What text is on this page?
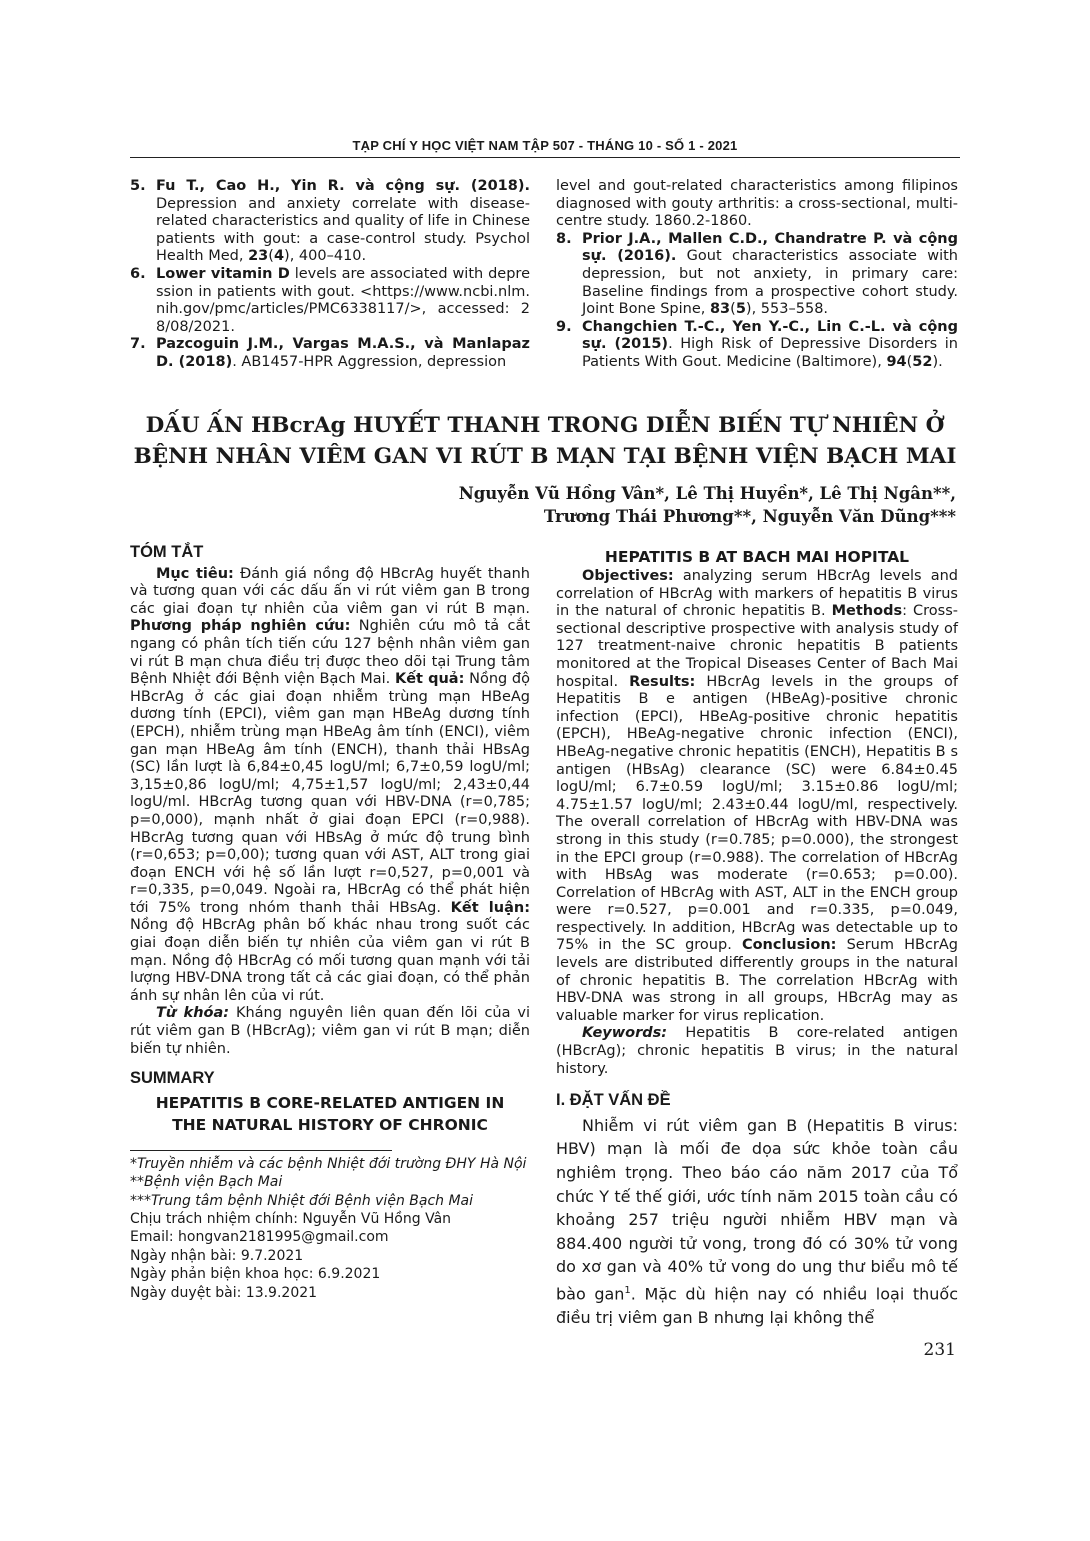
TẠP CHÍ Y HỌC VIỆT NAM TẬP 507 - THÁNG 10 - SỐ 1 - 2021
5. Fu T., Cao H., Yin R. và cộng sự. (2018). Depression and anxiety correlate with disease-related characteristics and quality of life in Chinese patients with gout: a case-control study. Psychol Health Med, 23(4), 400–410.
6. Lower vitamin D levels are associated with depression in patients with gout. <https://www.ncbi.nlm.nih.gov/pmc/articles/PMC6338117/>, accessed: 28/08/2021.
7. Pazcoguin J.M., Vargas M.A.S., và Manlapaz D. (2018). AB1457-HPR Aggression, depression

level and gout-related characteristics among filipinos diagnosed with gouty arthritis: a cross-sectional, multi-centre study. 1860.2-1860.

8. Prior J.A., Mallen C.D., Chandratre P. và cộng sự. (2016). Gout characteristics associate with depression, but not anxiety, in primary care: Baseline findings from a prospective cohort study. Joint Bone Spine, 83(5), 553–558.
9. Changchien T.-C., Yen Y.-C., Lin C.-L. và cộng sự. (2015). High Risk of Depressive Disorders in Patients With Gout. Medicine (Baltimore), 94(52).
DẤU ẤN HBcrAg HUYẾT THANH TRONG DIỄN BIẾN TỰ NHIÊN Ở
BỆNH NHÂN VIÊM GAN VI RÚT B MẠN TẠI BỆNH VIỆN BẠCH MAI
Nguyễn Vũ Hồng Vân*, Lê Thị Huyền*, Lê Thị Ngân**,
Trương Thái Phương**, Nguyễn Văn Dũng***
TÓM TẮT

Mục tiêu: Đánh giá nồng độ HBcrAg huyết thanh và tương quan với các dấu ấn vi rút viêm gan B trong các giai đoạn tự nhiên của viêm gan vi rút B mạn. Phương pháp nghiên cứu: Nghiên cứu mô tả cắt ngang có phân tích tiến cứu 127 bệnh nhân viêm gan vi rút B mạn chưa điều trị được theo dõi tại Trung tâm Bệnh Nhiệt đới Bệnh viện Bạch Mai. Kết quả: Nồng độ HBcrAg ở các giai đoạn nhiễm trùng mạn HBeAg dương tính (EPCI), viêm gan mạn HBeAg dương tính (EPCH), nhiễm trùng mạn HBeAg âm tính (ENCI), viêm gan mạn HBeAg âm tính (ENCH), thanh thải HBsAg (SC) lần lượt là 6,84±0,45 logU/ml; 6,7±0,59 logU/ml; 3,15±0,86 logU/ml; 4,75±1,57 logU/ml; 2,43±0,44 logU/ml. HBcrAg tương quan với HBV-DNA (r=0,785; p=0,000), mạnh nhất ở giai đoạn EPCI (r=0,988). HBcrAg tương quan với HBsAg ở mức độ trung bình (r=0,653; p=0,00); tương quan với AST, ALT trong giai đoạn ENCH với hệ số lần lượt r=0,527, p=0,001 và r=0,335, p=0,049. Ngoài ra, HBcrAg có thể phát hiện tới 75% trong nhóm thanh thải HBsAg. Kết luận: Nồng độ HBcrAg phân bố khác nhau trong suốt các giai đoạn diễn biến tự nhiên của viêm gan vi rút B mạn. Nồng độ HBcrAg có mối tương quan mạnh với tải lượng HBV-DNA trong tất cả các giai đoạn, có thể phản ánh sự nhân lên của vi rút.

Từ khóa: Kháng nguyên liên quan đến lõi của vi rút viêm gan B (HBcrAg); viêm gan vi rút B mạn; diễn biến tự nhiên.

SUMMARY
HEPATITIS B CORE-RELATED ANTIGEN IN
THE NATURAL HISTORY OF CHRONIC
*Truyền nhiễm và các bệnh Nhiệt đới trường ĐHY Hà Nội
**Bệnh viện Bạch Mai
***Trung tâm bệnh Nhiệt đới Bệnh viện Bạch Mai
Chịu trách nhiệm chính: Nguyễn Vũ Hồng Vân
Email: hongvan2181995@gmail.com
Ngày nhận bài: 9.7.2021
Ngày phản biện khoa học: 6.9.2021
Ngày duyệt bài: 13.9.2021
HEPATITIS B AT BACH MAI HOPITAL

Objectives: analyzing serum HBcrAg levels and correlation of HBcrAg with markers of hepatitis B virus in the natural of chronic hepatitis B. Methods: Cross-sectional descriptive prospective with analysis study of 127 treatment-naive chronic hepatitis B patients monitored at the Tropical Diseases Center of Bach Mai hospital. Results: HBcrAg levels in the groups of Hepatitis B e antigen (HBeAg)-positive chronic infection (EPCI), HBeAg-positive chronic hepatitis (EPCH), HBeAg-negative chronic infection (ENCI), HBeAg-negative chronic hepatitis (ENCH), Hepatitis B s antigen (HBsAg) clearance (SC) were 6.84±0.45 logU/ml; 6.7±0.59 logU/ml; 3.15±0.86 logU/ml; 4.75±1.57 logU/ml; 2.43±0.44 logU/ml, respectively. The overall correlation of HBcrAg with HBV-DNA was strong in this study (r=0.785; p=0.000), the strongest in the EPCI group (r=0.988). The correlation of HBcrAg with HBsAg was moderate (r=0.653; p=0.00). Correlation of HBcrAg with AST, ALT in the ENCH group were r=0.527, p=0.001 and r=0.335, p=0.049, respectively. In addition, HBcrAg was detectable up to 75% in the SC group. Conclusion: Serum HBcrAg levels are distributed differently groups in the natural of chronic hepatitis B. The correlation HBcrAg with HBV-DNA was strong in all groups, HBcrAg may as valuable marker for virus replication.

Keywords: Hepatitis B core-related antigen (HBcrAg); chronic hepatitis B virus; in the natural history.

I. ĐẶT VẤN ĐỀ

Nhiễm vi rút viêm gan B (Hepatitis B virus: HBV) mạn là mối đe dọa sức khỏe toàn cầu nghiêm trọng. Theo báo cáo năm 2017 của Tổ chức Y tế thế giới, ước tính năm 2015 toàn cầu có khoảng 257 triệu người nhiễm HBV mạn và 884.400 người tử vong, trong đó có 30% tử vong do xơ gan và 40% tử vong do ung thư biểu mô tế bào gan$^1$. Mặc dù hiện nay có nhiều loại thuốc điều trị viêm gan B nhưng lại không thể

231
